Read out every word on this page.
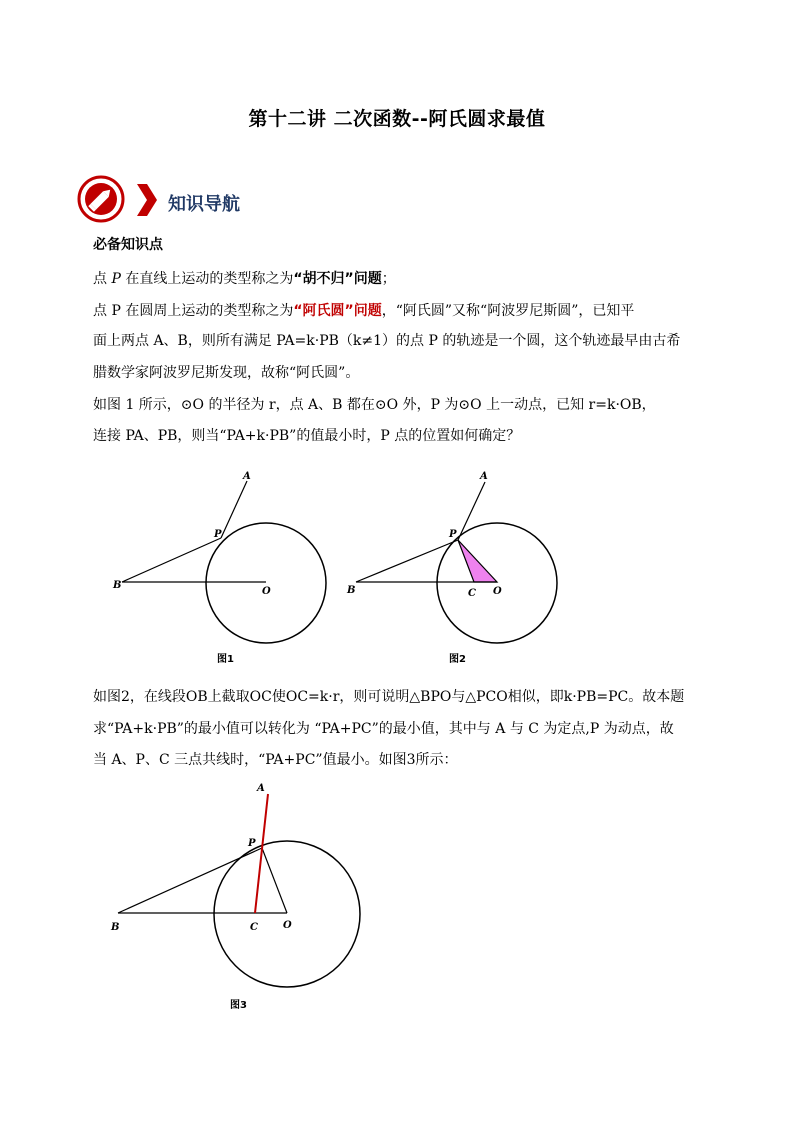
第十二讲 二次函数--阿氏圆求最值
知识导航
必备知识点
点 P 在直线上运动的类型称之为“胡不归”问题；
点 P 在圆周上运动的类型称之为“阿氏圆”问题，“阿氏圆”又称“阿波罗尼斯圆”，已知平
面上两点 A、B，则所有满足 PA=k·PB（k≠1）的点 P 的轨迹是一个圆，这个轨迹最早由古希
腊数学家阿波罗尼斯发现，故称“阿氏圆”。
如图 1 所示，⊙O 的半径为 r，点 A、B 都在⊙O 外，P 为⊙O 上一动点，已知 r=k·OB，
连接 PA、PB，则当“PA+k·PB”的值最小时，P 点的位置如何确定？
A
P
B
O
图1
A
P
B	C O
图2
A
P
B	C	O
图3
如图2，在线段OB上截取OC使OC=k·r，则可说明△BPO与△PCO相似，即k·PB=PC。故本题
求“PA+k·PB”的最小值可以转化为 “PA+PC”的最小值，其中与 A 与 C 为定点,P 为动点，故
当 A、P、C 三点共线时，“PA+PC”值最小。如图3所示：
